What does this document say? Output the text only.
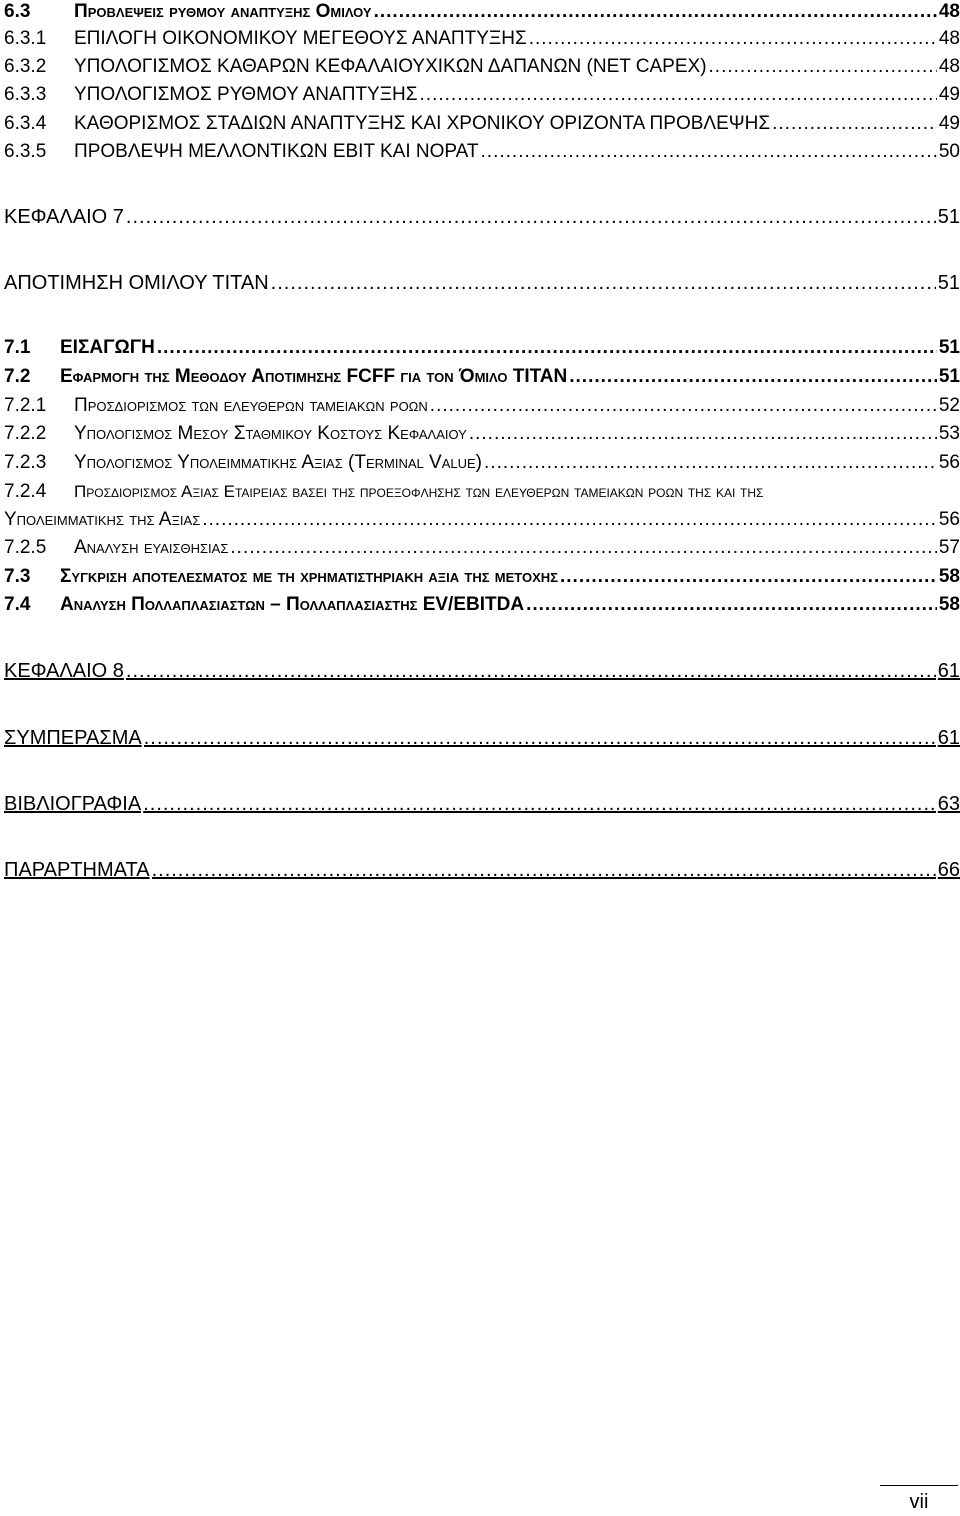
6.3	Προβλεψεισ ρυθμου αναπτυξησ Ομιλου .....	48
6.3.1	ΕΠΙΛΟΓΗ ΟΙΚΟΝΟΜΙΚΟΥ ΜΕΓΕΘΟΥΣ ΑΝΑΠΤΥΞΗΣ .....	48
6.3.2	ΥΠΟΛΟΓΙΣΜΟΣ ΚΑΘΑΡΩΝ ΚΕΦΑΛΑΙΟΥΧΙΚΩΝ ΔΑΠΑΝΩΝ (NET CAPEX) .....	48
6.3.3	ΥΠΟΛΟΓΙΣΜΟΣ ΡΥΘΜΟΥ ΑΝΑΠΤΥΞΗΣ .....	49
6.3.4	ΚΑΘΟΡΙΣΜΟΣ ΣΤΑΔΙΩΝ ΑΝΑΠΤΥΞΗΣ ΚΑΙ ΧΡΟΝΙΚΟΥ ΟΡΙΖΟΝΤΑ ΠΡΟΒΛΕΨΗΣ .....	49
6.3.5	ΠΡΟΒΛΕΨΗ ΜΕΛΛΟΝΤΙΚΩΝ EBIT ΚΑΙ NOPAT .....	50
ΚΕΦΑΛΑΙΟ 7 .....	51
ΑΠΟΤΙΜΗΣΗ ΟΜΙΛΟΥ ΤΙΤΑΝ .....	51
7.1	ΕΙΣΑΓΩΓΗ .....	51
7.2	Εφαρμογη τησ Μεθοδου Αποτιμησησ FCFF για τον Όμιλο ΤΙΤΑΝ .....	51
7.2.1	Προσδιορισμοσ των ελευθερων ταμειακων ροων .....	52
7.2.2	Υπολογισμοσ Μεσου Σταθμικου Κοστουσ Κεφαλαιου .....	53
7.2.3	Υπολογισμοσ Υπολειμματικησ Αξιασ (Terminal Value) .....	56
7.2.4 Προσδιορισμοσ Αξιασ Εταιρειασ βασει τησ προεξοφλησησ των ελευθερων ταμειακων ροων τησ και τησ
Υπολειμματικησ τησ Αξιασ .....	56
7.2.5	Αναλυση ευαισθησιασ .....	57
7.3	Συγκριση αποτελεσματοσ με τη χρηματιστηριακη αξια τησ μετοχησ .....	58
7.4	Αναλυση Πολλαπλασιαστων – Πολλαπλασιαστησ EV/EBITDA .....	58
ΚΕΦΑΛΑΙΟ 8 .....	61
ΣΥΜΠΕΡΑΣΜΑ .....	61
ΒΙΒΛΙΟΓΡΑΦΙΑ .....	63
ΠΑΡΑΡΤΗΜΑΤΑ .....	66
vii
